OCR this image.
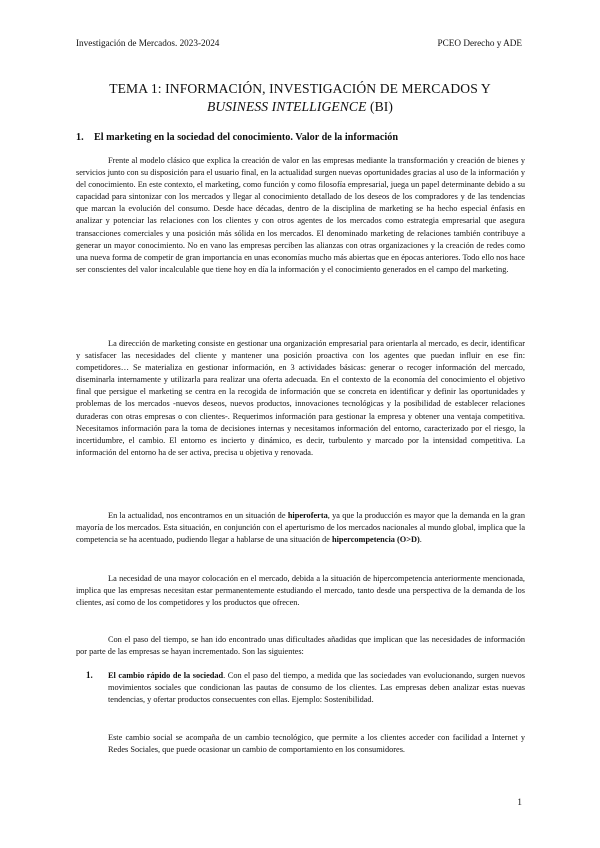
Investigación de Mercados. 2023-2024	PCEO Derecho y ADE
TEMA 1: INFORMACIÓN, INVESTIGACIÓN DE MERCADOS Y
BUSINESS INTELLIGENCE (BI)
1. El marketing en la sociedad del conocimiento. Valor de la información

Frente al modelo clásico que explica la creación de valor en las empresas mediante la transformación y creación de bienes y servicios junto con su disposición para el usuario final, en la actualidad surgen nuevas oportunidades gracias al uso de la información y del conocimiento. En este contexto, el marketing, como función y como filosofía empresarial, juega un papel determinante debido a su capacidad para sintonizar con los mercados y llegar al conocimiento detallado de los deseos de los compradores y de las tendencias que marcan la evolución del consumo. Desde hace décadas, dentro de la disciplina de marketing se ha hecho especial énfasis en analizar y potenciar las relaciones con los clientes y con otros agentes de los mercados como estrategia empresarial que asegura transacciones comerciales y una posición más sólida en los mercados. El denominado marketing de relaciones también contribuye a generar un mayor conocimiento. No en vano las empresas perciben las alianzas con otras organizaciones y la creación de redes como una nueva forma de competir de gran importancia en unas economías mucho más abiertas que en épocas anteriores. Todo ello nos hace ser conscientes del valor incalculable que tiene hoy en día la información y el conocimiento generados en el campo del marketing.

La dirección de marketing consiste en gestionar una organización empresarial para orientarla al mercado, es decir, identificar y satisfacer las necesidades del cliente y mantener una posición proactiva con los agentes que puedan influir en ese fin: competidores… Se materializa en gestionar información, en 3 actividades básicas: generar o recoger información del mercado, diseminarla internamente y utilizarla para realizar una oferta adecuada. En el contexto de la economía del conocimiento el objetivo final que persigue el marketing se centra en la recogida de información que se concreta en identificar y definir las oportunidades y problemas de los mercados -nuevos deseos, nuevos productos, innovaciones tecnológicas y la posibilidad de establecer relaciones duraderas con otras empresas o con clientes-. Requerimos información para gestionar la empresa y obtener una ventaja competitiva. Necesitamos información para la toma de decisiones internas y necesitamos información del entorno, caracterizado por el riesgo, la incertidumbre, el cambio. El entorno es incierto y dinámico, es decir, turbulento y marcado por la intensidad competitiva. La información del entorno ha de ser activa, precisa u objetiva y renovada.

En la actualidad, nos encontramos en un situación de hiperoferta, ya que la producción es mayor que la demanda en la gran mayoría de los mercados. Esta situación, en conjunción con el aperturismo de los mercados nacionales al mundo global, implica que la competencia se ha acentuado, pudiendo llegar a hablarse de una situación de hipercompetencia (O>D).

La necesidad de una mayor colocación en el mercado, debida a la situación de hipercompetencia anteriormente mencionada, implica que las empresas necesitan estar permanentemente estudiando el mercado, tanto desde una perspectiva de la demanda de los clientes, así como de los competidores y los productos que ofrecen.

Con el paso del tiempo, se han ido encontrado unas dificultades añadidas que implican que las necesidades de información por parte de las empresas se hayan incrementado. Son las siguientes:

1. El cambio rápido de la sociedad. Con el paso del tiempo, a medida que las sociedades van evolucionando, surgen nuevos movimientos sociales que condicionan las pautas de consumo de los clientes. Las empresas deben analizar estas nuevas tendencias, y ofertar productos consecuentes con ellas. Ejemplo: Sostenibilidad.

Este cambio social se acompaña de un cambio tecnológico, que permite a los clientes acceder con facilidad a Internet y Redes Sociales, que puede ocasionar un cambio de comportamiento en los consumidores.

1
